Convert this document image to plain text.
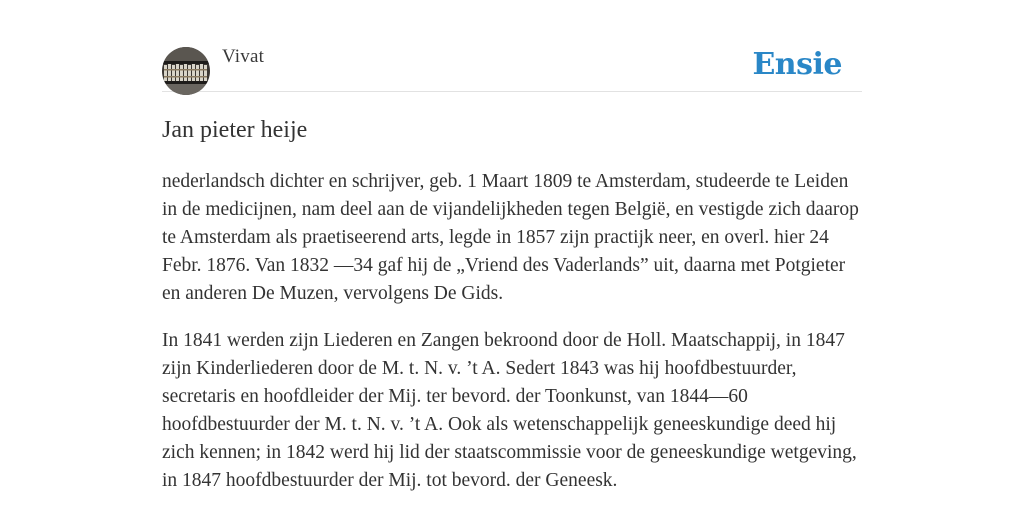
Vivat	Ensie
Jan pieter heije

nederlandsch dichter en schrijver, geb. 1 Maart 1809 te Amsterdam, studeerde te Leiden in de medicijnen, nam deel aan de vijandelijkheden tegen België, en vestigde zich daarop te Amsterdam als praetiseerend arts, legde in 1857 zijn practijk neer, en overl. hier 24 Febr. 1876. Van 1832 —34 gaf hij de „Vriend des Vaderlands” uit, daarna met Potgieter en anderen De Muzen, vervolgens De Gids.

In 1841 werden zijn Liederen en Zangen bekroond door de Holl. Maatschappij, in 1847 zijn Kinderliederen door de M. t. N. v. ’t A. Sedert 1843 was hij hoofdbestuurder, secretaris en hoofdleider der Mij. ter bevord. der Toonkunst, van 1844—60 hoofdbestuurder der M. t. N. v. ’t A. Ook als wetenschappelijk geneeskundige deed hij zich kennen; in 1842 werd hij lid der staatscommissie voor de geneeskundige wetgeving, in 1847 hoofdbestuurder der Mij. tot bevord. der Geneesk.
